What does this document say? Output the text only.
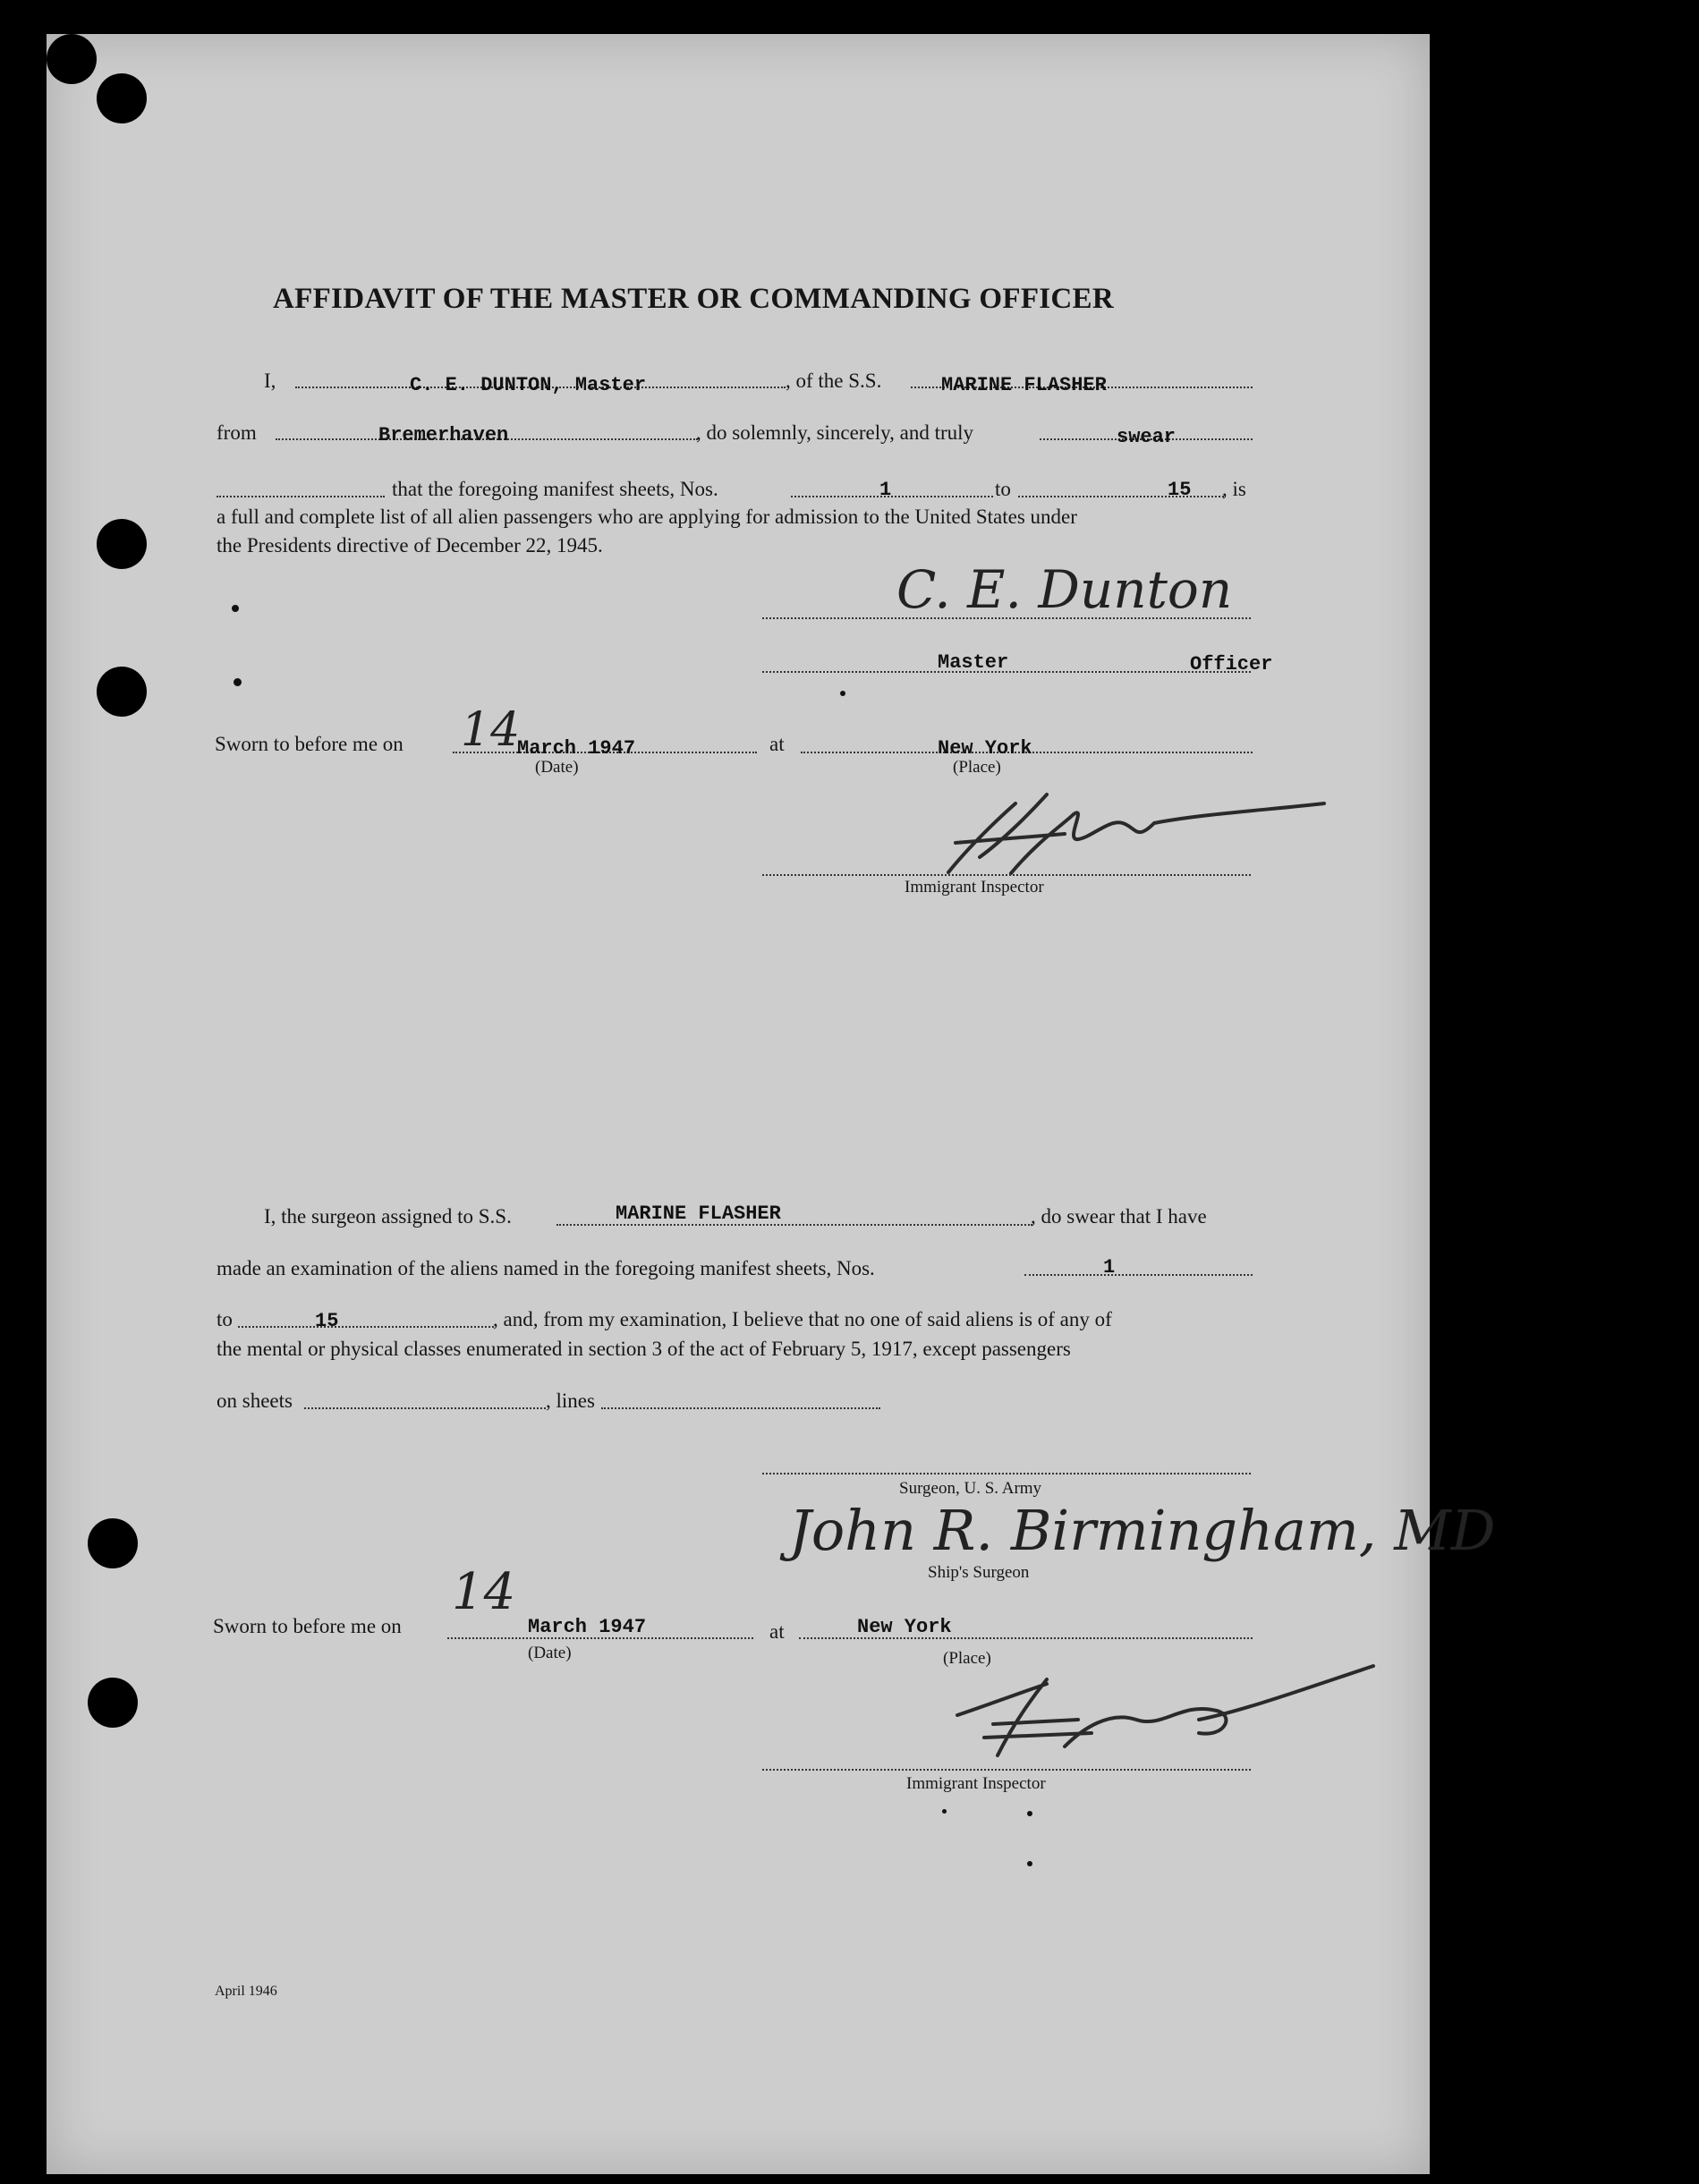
AFFIDAVIT OF THE MASTER OR COMMANDING OFFICER
I,	C. E. DUNTON, Master	, of the S.S.	MARINE FLASHER
from	Bremerhaven	, do solemnly, sincerely, and truly	swear
that the foregoing manifest sheets, Nos.	1	to	15 , is
a full and complete list of all alien passengers who are applying for admission to the United States under
the Presidents directive of December 22, 1945.
C. E. Dunton
Master	Officer
Sworn to before me on 14
March 1947
(Date)
at	New York
(Place)
Immigrant Inspector
I, the surgeon assigned to S.S.	MARINE FLASHER	, do swear that I have
made an examination of the aliens named in the foregoing manifest sheets, Nos.	1
to	15	, and, from my examination, I believe that no one of said aliens is of any of
the mental or physical classes enumerated in section 3 of the act of February 5, 1917, except passengers
on sheets	, lines
Surgeon, U. S. Army
John R. Birmingham, MD
Ship's Surgeon
Sworn to before me on
14
March 1947
(Date)
at	New York
(Place)
Immigrant Inspector
April 1946
